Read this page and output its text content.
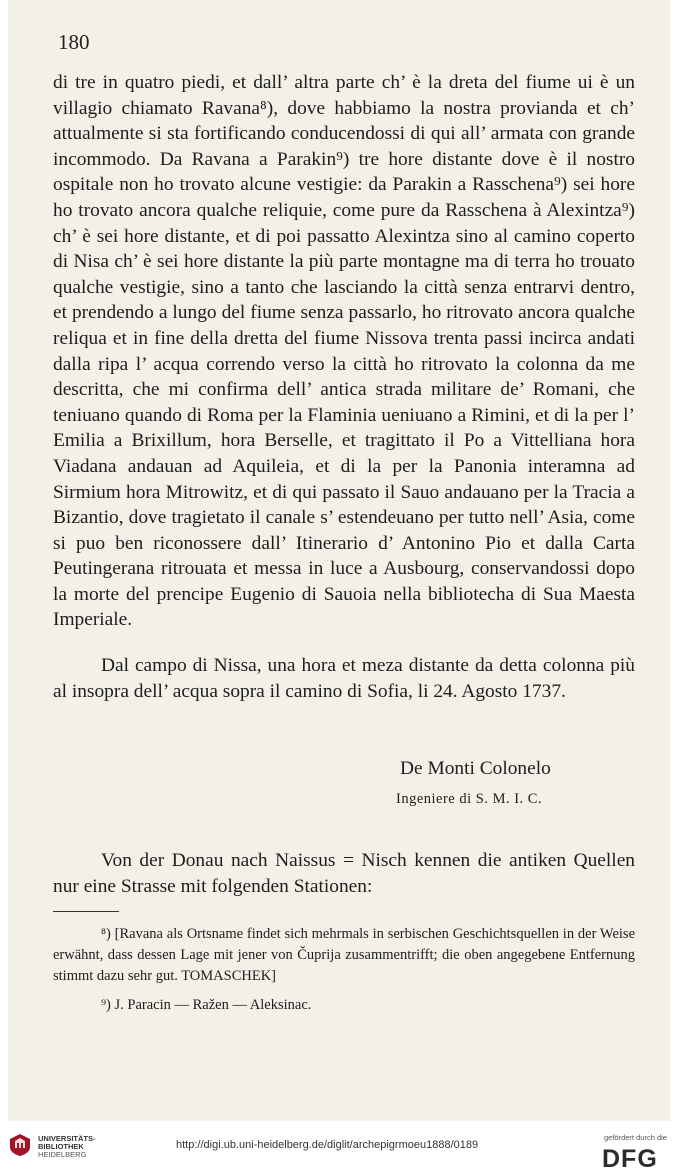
180

di tre in quatro piedi, et dall’ altra parte ch’ è la dreta del fiume ui è un villagio chiamato Ravana⁸), dove habbiamo la nostra provianda et ch’ attualmente si sta fortificando conducendossi di qui all’ armata con grande incommodo. Da Ravana a Parakin⁹) tre hore distante dove è il nostro ospitale non ho trovato alcune vestigie: da Parakin a Rasschena⁹) sei hore ho trovato ancora qualche reliquie, come pure da Rasschena à Alexintza⁹) ch’ è sei hore distante, et di poi passatto Alexintza sino al camino coperto di Nisa ch’ è sei hore distante la più parte montagne ma di terra ho trouato qualche vestigie, sino a tanto che lasciando la città senza entrarvi dentro, et prendendo a lungo del fiume senza passarlo, ho ritrovato ancora qualche reliqua et in fine della dretta del fiume Nissova trenta passi incirca andati dalla ripa l’ acqua correndo verso la città ho ritrovato la colonna da me descritta, che mi confirma dell’ antica strada militare de’ Romani, che teniuano quando di Roma per la Flaminia ueniuano a Rimini, et di la per l’ Emilia a Brixillum, hora Berselle, et tragittato il Po a Vittelliana hora Viadana andauan ad Aquileia, et di la per la Panonia interamna ad Sirmium hora Mitrowitz, et di qui passato il Sauo andauano per la Tracia a Bizantio, dove tragietato il canale s’ estendeuano per tutto nell’ Asia, come si puo ben riconossere dall’ Itinerario d’ Antonino Pio et dalla Carta Peutingerana ritrouata et messa in luce a Ausbourg, conservandossi dopo la morte del prencipe Eugenio di Sauoia nella bibliotecha di Sua Maesta Imperiale.

Dal campo di Nissa, una hora et meza distante da detta colonna più al insopra dell’ acqua sopra il camino di Sofia, li 24. Agosto 1737.

De Monti Colonelo
Ingeniere di S. M. I. C.

Von der Donau nach Naissus = Nisch kennen die antiken Quellen nur eine Strasse mit folgenden Stationen:

⁸) [Ravana als Ortsname findet sich mehrmals in serbischen Geschichtsquellen in der Weise erwähnt, dass dessen Lage mit jener von Čuprija zusammentrifft; die oben angegebene Entfernung stimmt dazu sehr gut. TOMASCHEK]

⁹) J. Paracin — Ražen — Aleksinac.

UNIVERSITÄTS-
BIBLIOTHEK
HEIDELBERG
http://digi.ub.uni-heidelberg.de/diglit/archepigrmoeu1888/0189
gefördert durch die
DFG
